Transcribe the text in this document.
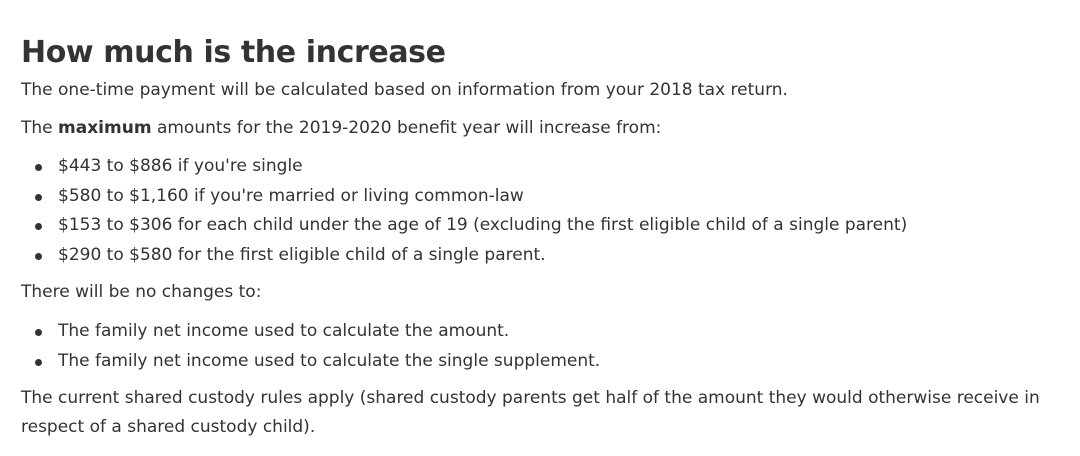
How much is the increase

The one-time payment will be calculated based on information from your 2018 tax return.

The maximum amounts for the 2019-2020 benefit year will increase from:

$443 to $886 if you're single
$580 to $1,160 if you're married or living common-law
$153 to $306 for each child under the age of 19 (excluding the first eligible child of a single parent)
$290 to $580 for the first eligible child of a single parent.

There will be no changes to:

The family net income used to calculate the amount.
The family net income used to calculate the single supplement.

The current shared custody rules apply (shared custody parents get half of the amount they would otherwise receive in respect of a shared custody child).
